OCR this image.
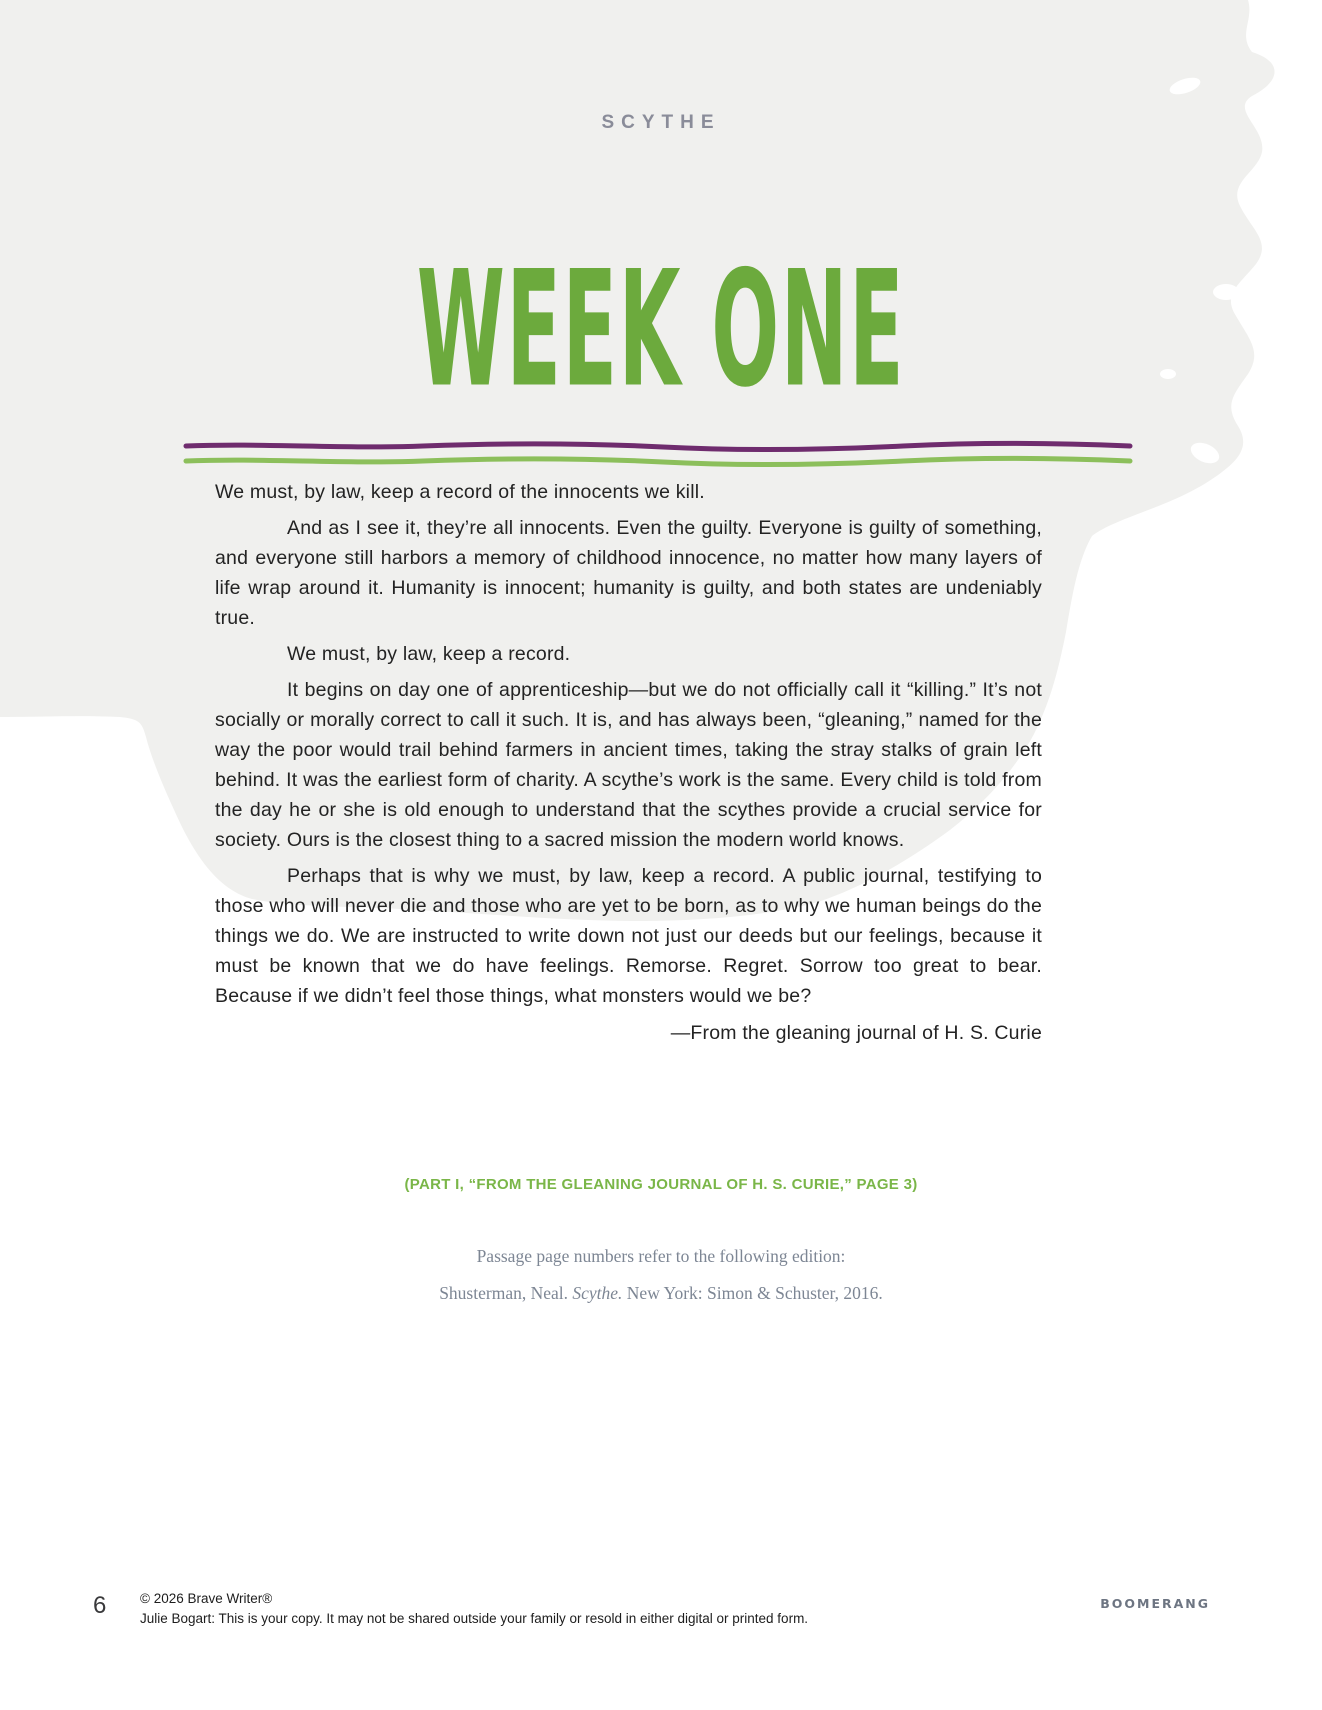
SCYTHE
WEEK ONE

We must, by law, keep a record of the innocents we kill.

And as I see it, they’re all innocents. Even the guilty. Everyone is guilty of something, and everyone still harbors a memory of childhood innocence, no matter how many layers of life wrap around it. Humanity is innocent; humanity is guilty, and both states are undeniably true.

We must, by law, keep a record.

It begins on day one of apprenticeship—but we do not officially call it “killing.” It’s not socially or morally correct to call it such. It is, and has always been, “gleaning,” named for the way the poor would trail behind farmers in ancient times, taking the stray stalks of grain left behind. It was the earliest form of charity. A scythe’s work is the same. Every child is told from the day he or she is old enough to understand that the scythes provide a crucial service for society. Ours is the closest thing to a sacred mission the modern world knows.

Perhaps that is why we must, by law, keep a record. A public journal, testifying to those who will never die and those who are yet to be born, as to why we human beings do the things we do. We are instructed to write down not just our deeds but our feelings, because it must be known that we do have feelings. Remorse. Regret. Sorrow too great to bear. Because if we didn’t feel those things, what monsters would we be?

—From the gleaning journal of H. S. Curie

(PART I, “FROM THE GLEANING JOURNAL OF H. S. CURIE,” PAGE 3)
Passage page numbers refer to the following edition:
Shusterman, Neal. Scythe. New York: Simon & Schuster, 2016.
6 © 2026 Brave Writer®
Julie Bogart: This is your copy. It may not be shared outside your family or resold in either digital or printed form.
BOOMERANG
